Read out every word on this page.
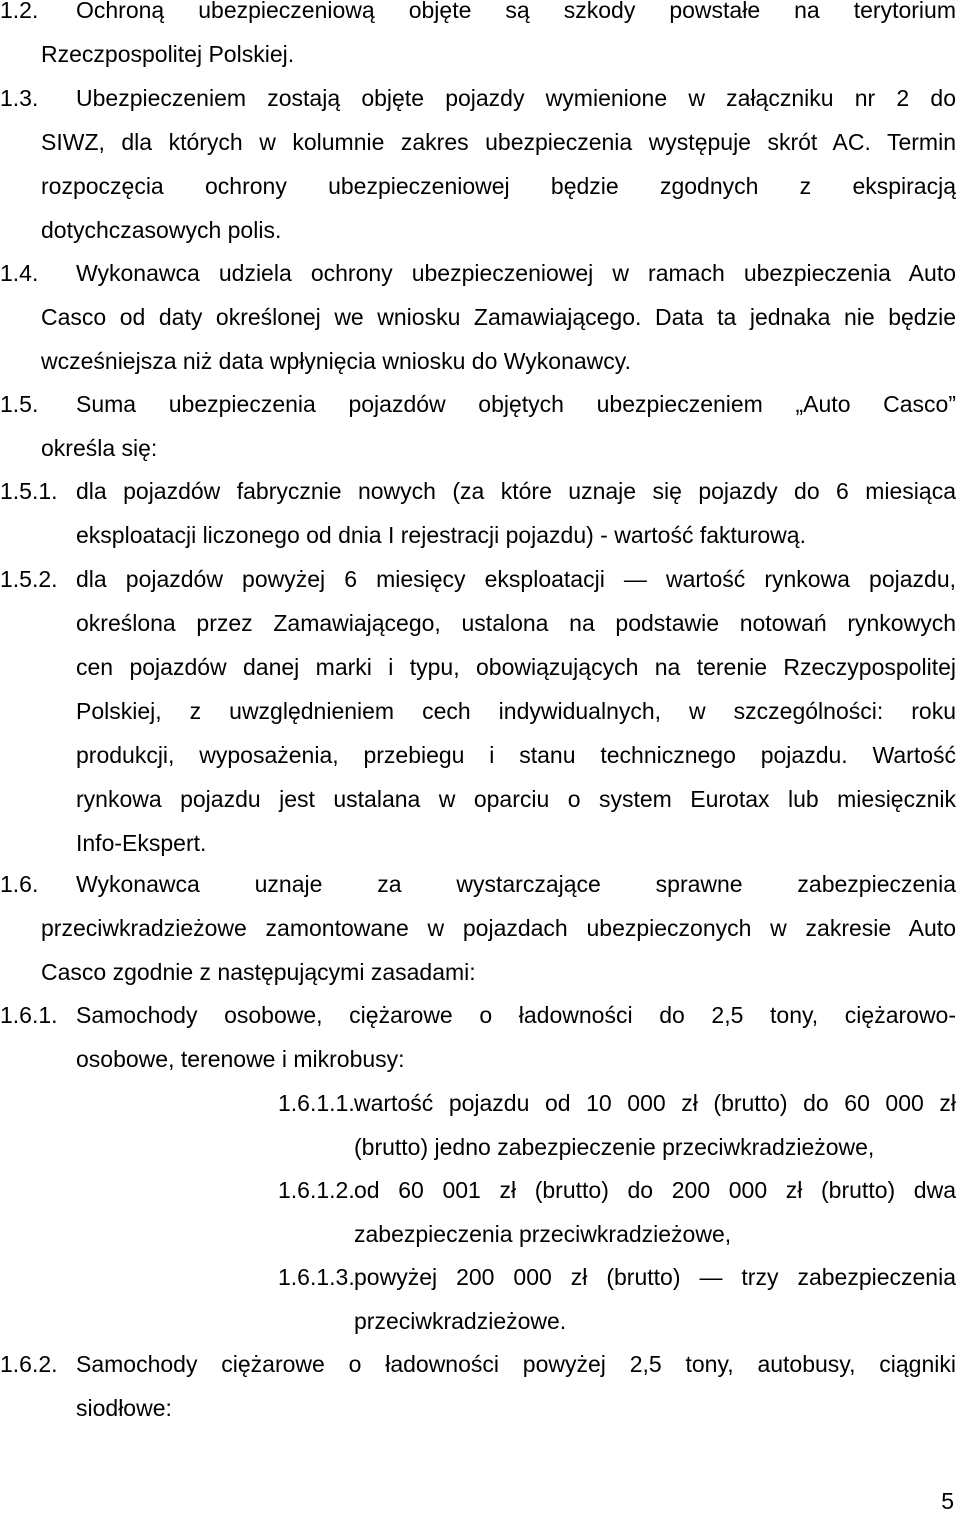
1.2.	Ochroną ubezpieczeniową objęte są szkody powstałe na terytorium
Rzeczpospolitej Polskiej.
1.3.	Ubezpieczeniem zostają objęte pojazdy wymienione w załączniku nr 2 do
SIWZ, dla których w kolumnie zakres ubezpieczenia występuje skrót AC. Termin
rozpoczęcia ochrony ubezpieczeniowej będzie zgodnych z ekspiracją
dotychczasowych polis.
1.4.	Wykonawca udziela ochrony ubezpieczeniowej w ramach ubezpieczenia Auto
Casco od daty określonej we wniosku Zamawiającego. Data ta jednaka nie będzie
wcześniejsza niż data wpłynięcia wniosku do Wykonawcy.
1.5.	Suma ubezpieczenia pojazdów objętych ubezpieczeniem „Auto Casco”
określa się:
1.5.1. dla pojazdów fabrycznie nowych (za które uznaje się pojazdy do 6 miesiąca
eksploatacji liczonego od dnia I rejestracji pojazdu) - wartość fakturową.
1.5.2. dla pojazdów powyżej 6 miesięcy eksploatacji — wartość rynkowa pojazdu,
określona przez Zamawiającego, ustalona na podstawie notowań rynkowych
cen pojazdów danej marki i typu, obowiązujących na terenie Rzeczypospolitej
Polskiej, z uwzględnieniem cech indywidualnych, w szczególności: roku
produkcji, wyposażenia, przebiegu i stanu technicznego pojazdu. Wartość
rynkowa pojazdu jest ustalana w oparciu o system Eurotax lub miesięcznik
Info-Ekspert.
1.6.	Wykonawca uznaje za wystarczające sprawne zabezpieczenia
przeciwkradzieżowe zamontowane w pojazdach ubezpieczonych w zakresie Auto
Casco zgodnie z następującymi zasadami:
1.6.1. Samochody osobowe, ciężarowe o ładowności do 2,5 tony, ciężarowo-
osobowe, terenowe i mikrobusy:
1.6.1.1. wartość pojazdu od 10 000 zł (brutto) do 60 000 zł
(brutto) jedno zabezpieczenie przeciwkradzieżowe,
1.6.1.2. od 60 001 zł (brutto) do 200 000 zł (brutto) dwa
zabezpieczenia przeciwkradzieżowe,
1.6.1.3. powyżej 200 000 zł (brutto) — trzy zabezpieczenia
przeciwkradzieżowe.
1.6.2. Samochody ciężarowe o ładowności powyżej 2,5 tony, autobusy, ciągniki
siodłowe:
5
